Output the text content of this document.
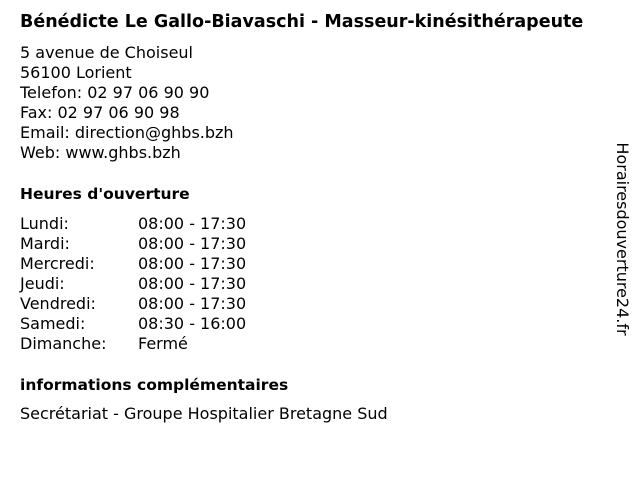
Bénédicte Le Gallo-Biavaschi - Masseur-kinésithérapeute
5 avenue de Choiseul
56100 Lorient
Telefon: 02 97 06 90 90
Fax: 02 97 06 90 98
Email: direction@ghbs.bzh
Web: www.ghbs.bzh
Heures d'ouverture
Lundi:	08:00 - 17:30
Mardi:	08:00 - 17:30
Mercredi:	08:00 - 17:30
Jeudi:	08:00 - 17:30
Vendredi:	08:00 - 17:30
Samedi:	08:30 - 16:00
Dimanche:	Fermé
informations complémentaires
Secrétariat - Groupe Hospitalier Bretagne Sud
Horairesdouverture24.fr
